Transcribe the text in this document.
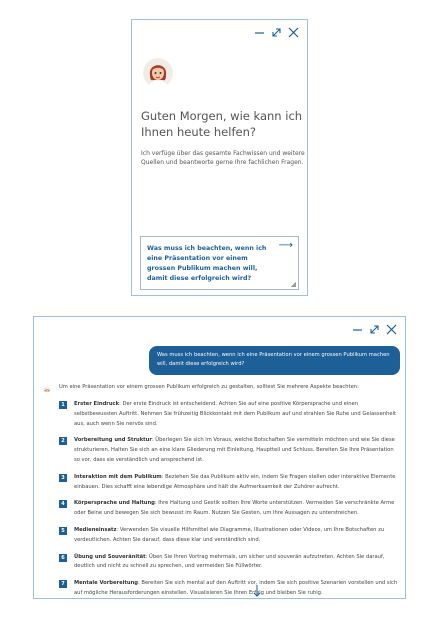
Guten Morgen, wie kann ich Ihnen heute helfen?

Ich verfüge über das gesamte Fachwissen und weitere Quellen und beantworte gerne Ihre fachlichen Fragen.

Was muss ich beachten, wenn ich eine Präsentation vor einem grossen Publikum machen will, damit diese erfolgreich wird?
⟶
Was muss ich beachten, wenn ich eine Präsentation vor einem grossen Publikum machen will, damit diese erfolgreich wird?
Um eine Präsentation vor einem grossen Publikum erfolgreich zu gestalten, solltest Sie mehrere Aspekte beachten:
1	Erster Eindruck: Der erste Eindruck ist entscheidend. Achten Sie auf eine positive Körpersprache und einen selbstbewussten Auftritt. Nehmen Sie frühzeitig Blickkontakt mit dem Publikum auf und strahlen Sie Ruhe und Gelassenheit aus, auch wenn Sie nervös sind.
2	Vorbereitung und Struktur: Überlegen Sie sich im Voraus, welche Botschaften Sie vermitteln möchten und wie Sie diese strukturieren. Halten Sie sich an eine klare Gliederung mit Einleitung, Hauptteil und Schluss. Bereiten Sie Ihre Präsentation so vor, dass sie verständlich und ansprechend ist.
3	Interaktion mit dem Publikum: Beziehen Sie das Publikum aktiv ein, indem Sie Fragen stellen oder interaktive Elemente einbauen. Dies schafft eine lebendige Atmosphäre und hält die Aufmerksamkeit der Zuhörer aufrecht.
4	Körpersprache und Haltung: Ihre Haltung und Gestik sollten Ihre Worte unterstützen. Vermeiden Sie verschränkte Arme oder Beine und bewegen Sie sich bewusst im Raum. Nutzen Sie Gesten, um Ihre Aussagen zu unterstreichen.
5	Medieneinsatz: Verwenden Sie visuelle Hilfsmittel wie Diagramme, Illustrationen oder Videos, um Ihre Botschaften zu verdeutlichen. Achten Sie darauf, dass diese klar und verständlich sind.
6	Übung und Souveränität: Üben Sie Ihren Vortrag mehrmals, um sicher und souverän aufzutreten. Achten Sie darauf, deutlich und nicht zu schnell zu sprechen, und vermeiden Sie Füllwörter.
7	Mentale Vorbereitung: Bereiten Sie sich mental auf den Auftritt vor, indem Sie sich positive Szenarien vorstellen und sich auf mögliche Herausforderungen einstellen. Visualisieren Sie Ihren Erfolg und bleiben Sie ruhig.
